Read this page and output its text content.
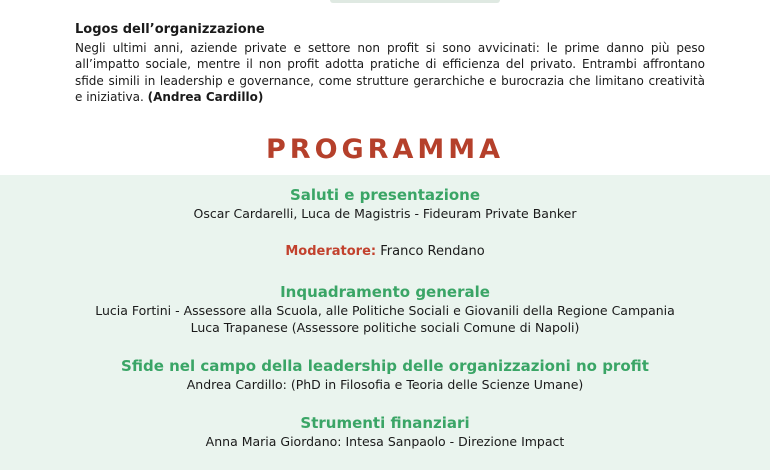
Logos dell’organizzazione
Negli ultimi anni, aziende private e settore non profit si sono avvicinati: le prime danno più peso all’impatto sociale, mentre il non profit adotta pratiche di efficienza del privato. Entrambi affrontano sfide simili in leadership e governance, come strutture gerarchiche e burocrazia che limitano creatività e iniziativa. (Andrea Cardillo)
PROGRAMMA
Saluti e presentazione
Oscar Cardarelli, Luca de Magistris - Fideuram Private Banker
Moderatore: Franco Rendano
Inquadramento generale
Lucia Fortini - Assessore alla Scuola, alle Politiche Sociali e Giovanili della Regione Campania
Luca Trapanese (Assessore politiche sociali Comune di Napoli)
Sfide nel campo della leadership delle organizzazioni no profit
Andrea Cardillo: (PhD in Filosofia e Teoria delle Scienze Umane)
Strumenti finanziari
Anna Maria Giordano: Intesa Sanpaolo - Direzione Impact
